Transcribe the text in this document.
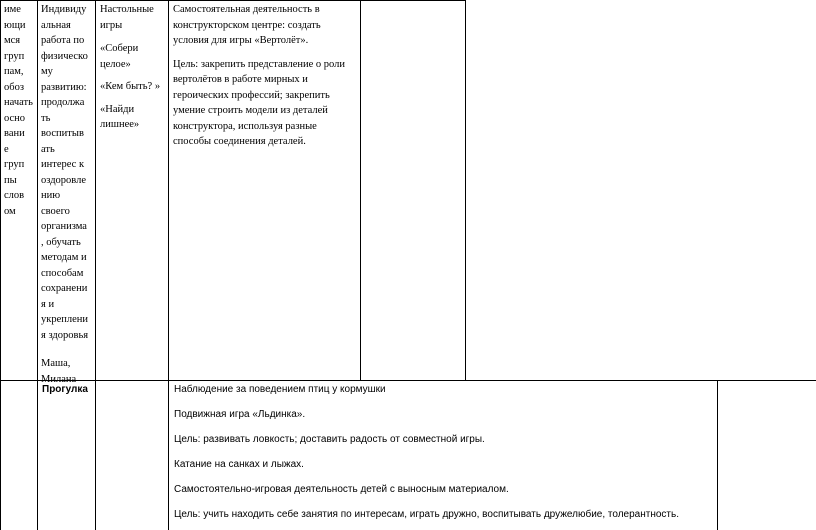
име
ющи
мся
груп
пам,
обоз
начать
осно
вани
е
груп
пы
слов
ом
Индивиду
альная
работа по
физическо
му
развитию:
продолжа
ть
воспитыв
ать
интерес к
оздоровле
нию
своего
организма
, обучать
методам и
способам
сохранени
я и
укреплени
я здоровья
Маша,
Милана
Настольные
игры
«Собери
целое»
«Кем быть? »
«Найди
лишнее»
Самостоятельная деятельность в
конструкторском центре: создать
условия для игры «Вертолёт».
Цель: закрепить представление о роли
вертолётов в работе мирных и
героических профессий; закрепить
умение строить модели из деталей
конструктора, используя разные
способы соединения деталей.
Прогулка	Наблюдение за поведением птиц у кормушки
Подвижная игра «Льдинка».
Цель: развивать ловкость; доставить радость от совместной игры.
Катание на санках и лыжах.
Самостоятельно-игровая деятельность детей с выносным материалом.
Цель: учить находить себе занятия по интересам, играть дружно, воспитывать дружелюбие, толерантность.
